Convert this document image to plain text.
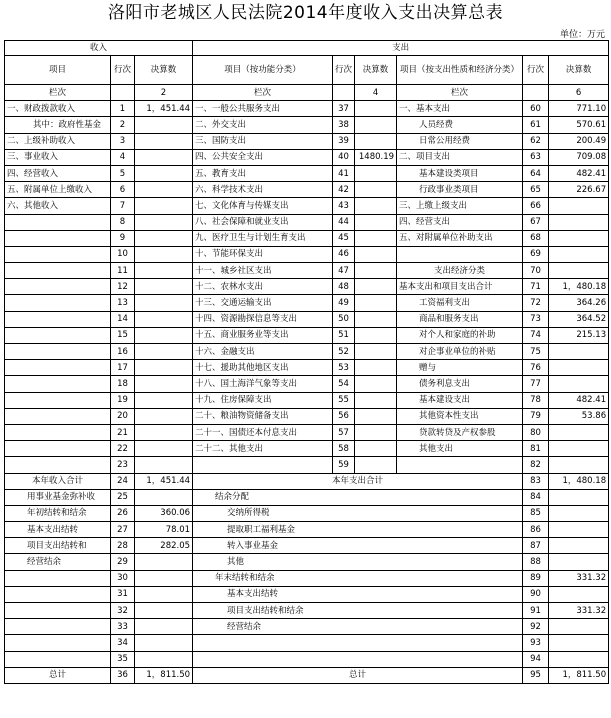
洛阳市老城区人民法院2014年度收入支出决算总表
单位：万元
收入			支出					
项目	行次	决算数	项目（按功能分类）	行次	决算数	项目（按支出性质和经济分类）	行次	决算数
栏次		2	栏次		4	栏次		6
一、财政拨款收入	1	1，451.44	一、一般公共服务支出	37		一、基本支出	60	771.10
其中：政府性基金	2		二、外交支出	38		人员经费	61	570.61
二、上级补助收入	3		三、国防支出	39		日常公用经费	62	200.49
三、事业收入	4		四、公共安全支出	40	1480.19	二、项目支出	63	709.08
四、经营收入	5		五、教育支出	41		基本建设类项目	64	482.41
五、附属单位上缴收入	6		六、科学技术支出	42		行政事业类项目	65	226.67
六、其他收入	7		七、文化体育与传媒支出	43		三、上缴上级支出	66	
	8		八、社会保障和就业支出	44		四、经营支出	67	
	9		九、医疗卫生与计划生育支出	45		五、对附属单位补助支出	68	
	10		十、节能环保支出	46			69	
	11		十一、城乡社区支出	47		支出经济分类	70	
	12		十二、农林水支出	48		基本支出和项目支出合计	71	1，480.18
	13		十三、交通运输支出	49		工资福利支出	72	364.26
	14		十四、资源勘探信息等支出	50		商品和服务支出	73	364.52
	15		十五、商业服务业等支出	51		对个人和家庭的补助	74	215.13
	16		十六、金融支出	52		对企事业单位的补贴	75	
	17		十七、援助其他地区支出	53		赠与	76	
	18		十八、国土海洋气象等支出	54		债务利息支出	77	
	19		十九、住房保障支出	55		基本建设支出	78	482.41
	20		二十、粮油物资储备支出	56		其他资本性支出	79	53.86
	21		二十一、国债还本付息支出	57		贷款转贷及产权参股	80	
	22		二十二、其他支出	58		其他支出	81	
	23			59			82	
本年收入合计	24	1，451.44	本年支出合计				83	1，480.18
用事业基金弥补收	25		结余分配				84	
年初结转和结余	26	360.06	交纳所得税				85	
基本支出结转	27	78.01	提取职工福利基金				86	
项目支出结转和	28	282.05	转入事业基金				87	
经营结余	29		其他				88	
	30		年末结转和结余				89	331.32
	31		基本支出结转				90	
	32		项目支出结转和结余				91	331.32
	33		经营结余				92	
	34						93	
	35						94	
总计	36	1，811.50	总计				95	1，811.50
